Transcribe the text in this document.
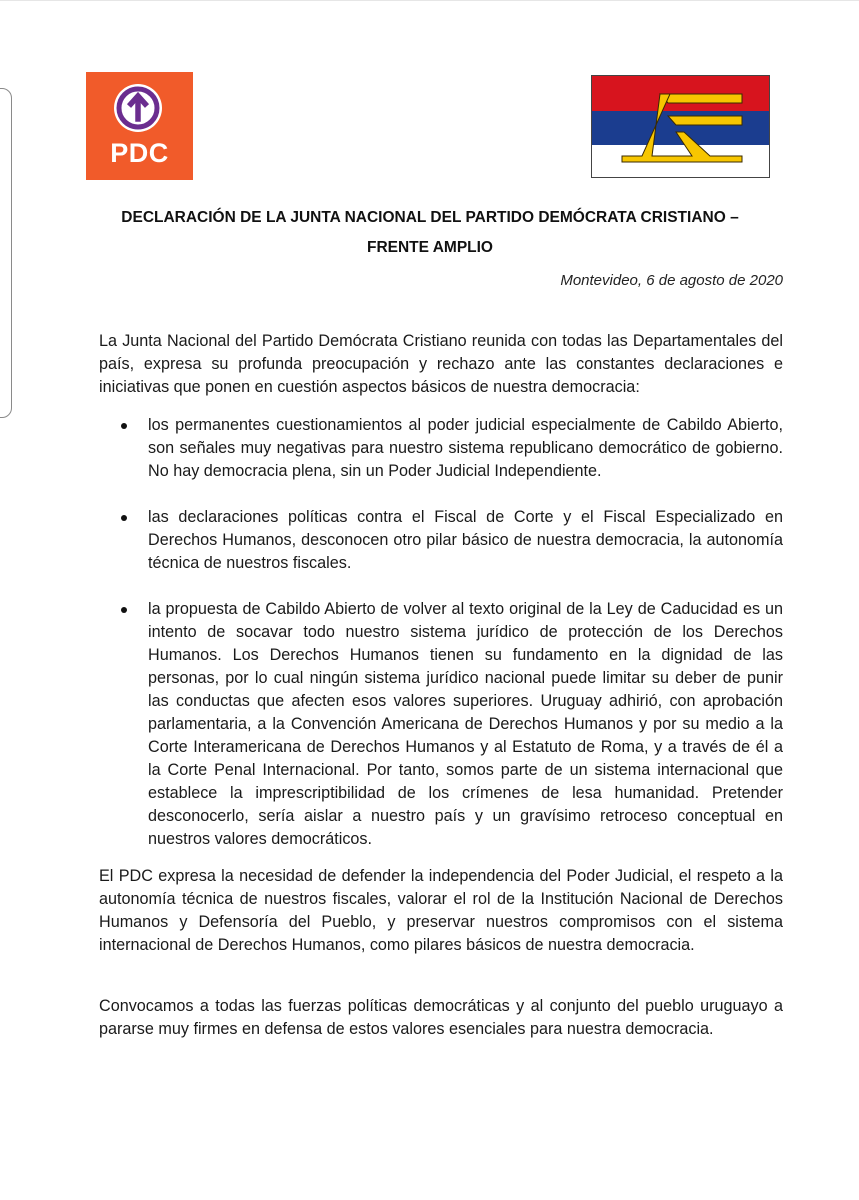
PDC
DECLARACIÓN DE LA JUNTA NACIONAL DEL PARTIDO DEMÓCRATA CRISTIANO –
FRENTE AMPLIO
Montevideo, 6 de agosto de 2020

La Junta Nacional del Partido Demócrata Cristiano reunida con todas las Departamentales del país, expresa su profunda preocupación y rechazo ante las constantes declaraciones e iniciativas que ponen en cuestión aspectos básicos de nuestra democracia:

los permanentes cuestionamientos al poder judicial especialmente de Cabildo Abierto, son señales muy negativas para nuestro sistema republicano democrático de gobierno. No hay democracia plena, sin un Poder Judicial Independiente.

las declaraciones políticas contra el Fiscal de Corte y el Fiscal Especializado en Derechos Humanos, desconocen otro pilar básico de nuestra democracia, la autonomía técnica de nuestros fiscales.

la propuesta de Cabildo Abierto de volver al texto original de la Ley de Caducidad es un intento de socavar todo nuestro sistema jurídico de protección de los Derechos Humanos. Los Derechos Humanos tienen su fundamento en la dignidad de las personas, por lo cual ningún sistema jurídico nacional puede limitar su deber de punir las conductas que afecten esos valores superiores. Uruguay adhirió, con aprobación parlamentaria, a la Convención Americana de Derechos Humanos y por su medio a la Corte Interamericana de Derechos Humanos y al Estatuto de Roma, y a través de él a la Corte Penal Internacional. Por tanto, somos parte de un sistema internacional que establece la imprescriptibilidad de los crímenes de lesa humanidad. Pretender desconocerlo, sería aislar a nuestro país y un gravísimo retroceso conceptual en nuestros valores democráticos.

El PDC expresa la necesidad de defender la independencia del Poder Judicial, el respeto a la autonomía técnica de nuestros fiscales, valorar el rol de la Institución Nacional de Derechos Humanos y Defensoría del Pueblo, y preservar nuestros compromisos con el sistema internacional de Derechos Humanos, como pilares básicos de nuestra democracia.

Convocamos a todas las fuerzas políticas democráticas y al conjunto del pueblo uruguayo a pararse muy firmes en defensa de estos valores esenciales para nuestra democracia.
